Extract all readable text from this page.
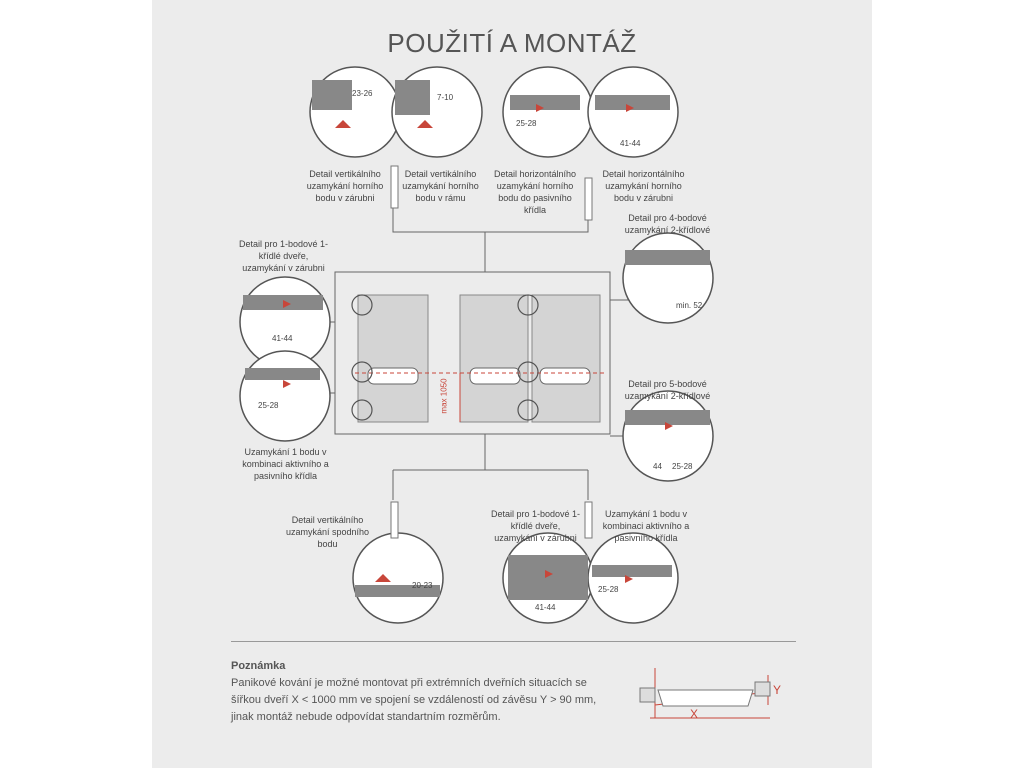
POUŽITÍ A MONTÁŽ
Detail vertikálního uzamykání horního bodu v zárubni
Detail vertikálního uzamykání horního bodu v rámu
Detail horizontálního uzamykání horního bodu do pasivního křídla
Detail horizontálního uzamykání horního bodu v zárubni
Detail pro 1-bodové 1-křídlé dveře, uzamykání v zárubni
Uzamykání 1 bodu v kombinaci aktivního a pasivního křídla
Detail pro 4-bodové uzamykání 2-křídlové
Detail pro 5-bodové uzamykání 2-křídlové
Detail vertikálního uzamykání spodního bodu
Detail pro 1-bodové 1-křídlé dveře, uzamykání v zárubni
Uzamykání 1 bodu v kombinaci aktivního a pasivního křídla
23-26	7-10
25-28
41-44
41-44
25-28
min. 52
44 25-28
20-23
41-44
25-28
max 1050
Poznámka
Panikové kování je možné montovat při extrémních dveřních situacích se
šířkou dveří X < 1000 mm ve spojení se vzdáleností od závěsu Y > 90 mm,
jinak montáž nebude odpovídat standartním rozměrům.	X
Y
